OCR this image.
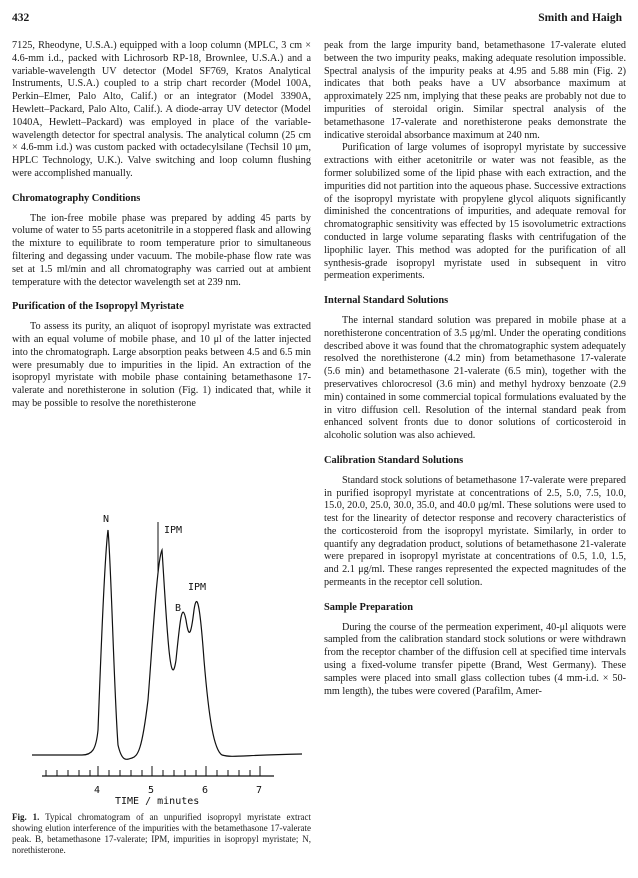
432	Smith and Haigh

7125, Rheodyne, U.S.A.) equipped with a loop column (MPLC, 3 cm × 4.6-mm i.d., packed with Lichrosorb RP-18, Brownlee, U.S.A.) and a variable-wavelength UV detector (Model SF769, Kratos Analytical Instruments, U.S.A.) coupled to a strip chart recorder (Model 100A, Perkin–Elmer, Palo Alto, Calif.) or an integrator (Model 3390A, Hewlett–Packard, Palo Alto, Calif.). A diode-array UV detector (Model 1040A, Hewlett–Packard) was employed in place of the variable-wavelength detector for spectral analysis. The analytical column (25 cm × 4.6-mm i.d.) was custom packed with octadecylsilane (Techsil 10 μm, HPLC Technology, U.K.). Valve switching and loop column flushing were accomplished manually.

Chromatography Conditions

The ion-free mobile phase was prepared by adding 45 parts by volume of water to 55 parts acetonitrile in a stoppered flask and allowing the mixture to equilibrate to room temperature prior to simultaneous filtering and degassing under vacuum. The mobile-phase flow rate was set at 1.5 ml/min and all chromatography was carried out at ambient temperature with the detector wavelength set at 239 nm.

Purification of the Isopropyl Myristate

To assess its purity, an aliquot of isopropyl myristate was extracted with an equal volume of mobile phase, and 10 μl of the latter injected into the chromatograph. Large absorption peaks between 4.5 and 6.5 min were presumably due to impurities in the lipid. An extraction of the isopropyl myristate with mobile phase containing betamethasone 17-valerate and norethisterone in solution (Fig. 1) indicated that, while it may be possible to resolve the norethisterone

N
IPM
IPM
B
4	5	6	7
TIME / minutes
Fig. 1. Typical chromatogram of an unpurified isopropyl myristate extract showing elution interference of the impurities with the betamethasone 17-valerate peak. B, betamethasone 17-valerate; IPM, impurities in isopropyl myristate; N, norethisterone.

peak from the large impurity band, betamethasone 17-valerate eluted between the two impurity peaks, making adequate resolution impossible. Spectral analysis of the impurity peaks at 4.95 and 5.88 min (Fig. 2) indicates that both peaks have a UV absorbance maximum at approximately 225 nm, implying that these peaks are probably not due to impurities of steroidal origin. Similar spectral analysis of the betamethasone 17-valerate and norethisterone peaks demonstrate the indicative steroidal absorbance maximum at 240 nm.

Purification of large volumes of isopropyl myristate by successive extractions with either acetonitrile or water was not feasible, as the former solubilized some of the lipid phase with each extraction, and the impurities did not partition into the aqueous phase. Successive extractions of the isopropyl myristate with propylene glycol aliquots significantly diminished the concentrations of impurities, and adequate removal for chromatographic sensitivity was effected by 15 isovolumetric extractions conducted in large volume separating flasks with centrifugation of the lipophilic layer. This method was adopted for the purification of all synthesis-grade isopropyl myristate used in subsequent in vitro permeation experiments.

Internal Standard Solutions

The internal standard solution was prepared in mobile phase at a norethisterone concentration of 3.5 μg/ml. Under the operating conditions described above it was found that the chromatographic system adequately resolved the norethisterone (4.2 min) from betamethasone 17-valerate (5.6 min) and betamethasone 21-valerate (6.5 min), together with the preservatives chlorocresol (3.6 min) and methyl hydroxy benzoate (2.9 min) contained in some commercial topical formulations evaluated by the in vitro diffusion cell. Resolution of the internal standard peak from enhanced solvent fronts due to donor solutions of corticosteroid in alcoholic solution was also achieved.

Calibration Standard Solutions

Standard stock solutions of betamethasone 17-valerate were prepared in purified isopropyl myristate at concentrations of 2.5, 5.0, 7.5, 10.0, 15.0, 20.0, 25.0, 30.0, 35.0, and 40.0 μg/ml. These solutions were used to test for the linearity of detector response and recovery characteristics of the corticosteroid from the isopropyl myristate. Similarly, in order to quantify any degradation product, solutions of betamethasone 21-valerate were prepared in isopropyl myristate at concentrations of 0.5, 1.0, 1.5, and 2.1 μg/ml. These ranges represented the expected magnitudes of the permeants in the receptor cell solution.

Sample Preparation

During the course of the permeation experiment, 40-μl aliquots were sampled from the calibration standard stock solutions or were withdrawn from the receptor chamber of the diffusion cell at specified time intervals using a fixed-volume transfer pipette (Brand, West Germany). These samples were placed into small glass collection tubes (4 mm-i.d. × 50-mm length), the tubes were covered (Parafilm, Amer-
